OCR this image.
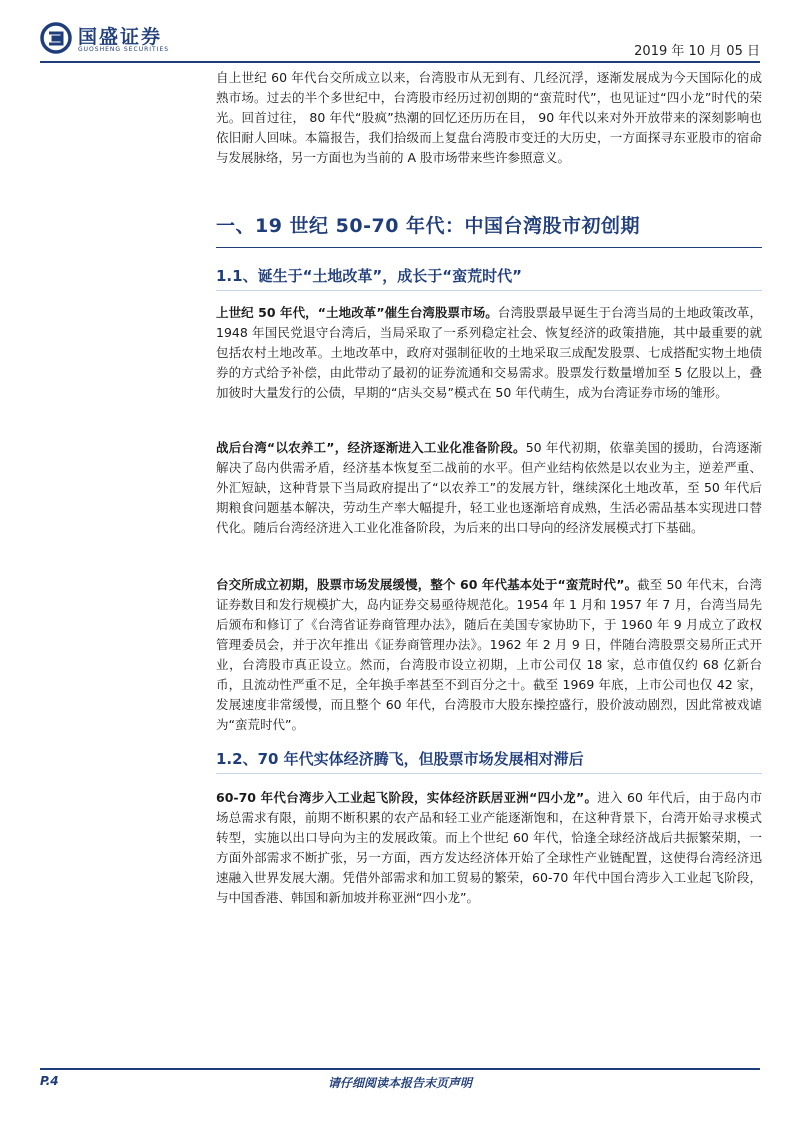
国盛证券
GUOSHENG SECURITIES	2019 年 10 月 05 日

自上世纪 60 年代台交所成立以来，台湾股市从无到有、几经沉浮，逐渐发展成为今天国际化的成熟市场。过去的半个多世纪中，台湾股市经历过初创期的“蛮荒时代”，也见证过“四小龙”时代的荣光。回首过往， 80 年代“股疯”热潮的回忆还历历在目， 90 年代以来对外开放带来的深刻影响也依旧耐人回味。本篇报告，我们拾级而上复盘台湾股市变迁的大历史，一方面探寻东亚股市的宿命与发展脉络，另一方面也为当前的 A 股市场带来些许参照意义。

一、19 世纪 50-70 年代：中国台湾股市初创期
1.1、诞生于“土地改革”，成长于“蛮荒时代”

上世纪 50 年代，“土地改革”催生台湾股票市场。台湾股票最早诞生于台湾当局的土地政策改革，1948 年国民党退守台湾后，当局采取了一系列稳定社会、恢复经济的政策措施，其中最重要的就包括农村土地改革。土地改革中，政府对强制征收的土地采取三成配发股票、七成搭配实物土地债券的方式给予补偿，由此带动了最初的证券流通和交易需求。股票发行数量增加至 5 亿股以上，叠加彼时大量发行的公债，早期的“店头交易”模式在 50 年代萌生，成为台湾证券市场的雏形。

战后台湾“以农养工”，经济逐渐进入工业化准备阶段。50 年代初期，依靠美国的援助，台湾逐渐解决了岛内供需矛盾，经济基本恢复至二战前的水平。但产业结构依然是以农业为主，逆差严重、外汇短缺，这种背景下当局政府提出了“以农养工”的发展方针，继续深化土地改革，至 50 年代后期粮食问题基本解决，劳动生产率大幅提升，轻工业也逐渐培育成熟，生活必需品基本实现进口替代化。随后台湾经济进入工业化准备阶段，为后来的出口导向的经济发展模式打下基础。

台交所成立初期，股票市场发展缓慢，整个 60 年代基本处于“蛮荒时代”。截至 50 年代末，台湾证券数目和发行规模扩大，岛内证券交易亟待规范化。1954 年 1 月和 1957 年 7 月，台湾当局先后颁布和修订了《台湾省证券商管理办法》，随后在美国专家协助下，于 1960 年 9 月成立了政权管理委员会，并于次年推出《证券商管理办法》。1962 年 2 月 9 日，伴随台湾股票交易所正式开业，台湾股市真正设立。然而，台湾股市设立初期，上市公司仅 18 家，总市值仅约 68 亿新台币，且流动性严重不足，全年换手率甚至不到百分之十。截至 1969 年底，上市公司也仅 42 家，发展速度非常缓慢，而且整个 60 年代，台湾股市大股东操控盛行，股价波动剧烈，因此常被戏谑为“蛮荒时代”。

1.2、70 年代实体经济腾飞，但股票市场发展相对滞后

60-70 年代台湾步入工业起飞阶段，实体经济跃居亚洲“四小龙”。进入 60 年代后，由于岛内市场总需求有限，前期不断积累的农产品和轻工业产能逐渐饱和，在这种背景下，台湾开始寻求模式转型，实施以出口导向为主的发展政策。而上个世纪 60 年代，恰逢全球经济战后共振繁荣期，一方面外部需求不断扩张，另一方面，西方发达经济体开始了全球性产业链配置，这使得台湾经济迅速融入世界发展大潮。凭借外部需求和加工贸易的繁荣，60-70 年代中国台湾步入工业起飞阶段，与中国香港、韩国和新加坡并称亚洲“四小龙”。

P.4	请仔细阅读本报告末页声明
